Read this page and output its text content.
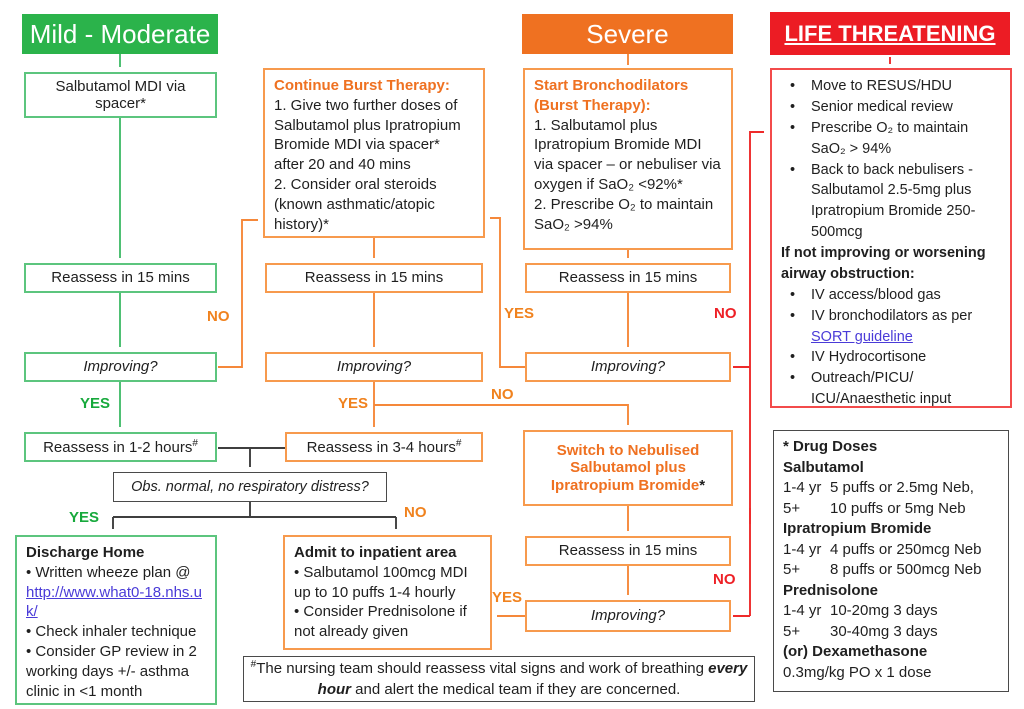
Mild - Moderate	Severe	LIFE THREATENING
Salbutamol MDI via spacer*
Reassess in 15 mins
Improving?
Reassess in 1-2 hours#
Discharge Home
• Written wheeze plan @
http://www.what0-18.nhs.uk/
• Check inhaler technique
• Consider GP review in 2 working days +/- asthma clinic in <1 month
Continue Burst Therapy:
1. Give two further doses of Salbutamol plus Ipratropium Bromide MDI via spacer* after 20 and 40 mins
2. Consider oral steroids (known asthmatic/atopic history)*
Reassess in 15 mins
Improving?
Reassess in 3-4 hours#
Obs. normal, no respiratory distress?
Admit to inpatient area
• Salbutamol 100mcg MDI up to 10 puffs 1-4 hourly
• Consider Prednisolone if not already given
#The nursing team should reassess vital signs and work of breathing every hour and alert the medical team if they are concerned.
Start Bronchodilators (Burst Therapy):
1. Salbutamol plus Ipratropium Bromide MDI via spacer – or nebuliser via oxygen if SaO₂ <92%*
2. Prescribe O₂ to maintain SaO₂ >94%
Reassess in 15 mins
Improving?
Switch to Nebulised Salbutamol plus Ipratropium Bromide*
Reassess in 15 mins
Improving?
• Move to RESUS/HDU
• Senior medical review
• Prescribe O₂ to maintain SaO₂ > 94%
• Back to back nebulisers - Salbutamol 2.5-5mg plus Ipratropium Bromide 250-500mcg
If not improving or worsening airway obstruction:
• IV access/blood gas
• IV bronchodilators as per
SORT guideline
• IV Hydrocortisone
• Outreach/PICU/ ICU/Anaesthetic input
* Drug Doses
Salbutamol
1-4 yr 5 puffs or 2.5mg Neb,
5+ 10 puffs or 5mg Neb
Ipratropium Bromide
1-4 yr 4 puffs or 250mcg Neb
5+ 8 puffs or 500mcg Neb
Prednisolone
1-4 yr 10-20mg 3 days
5+ 30-40mg 3 days
(or) Dexamethasone
0.3mg/kg PO x 1 dose
NO
YES	YES
NO
YES	NO
YES	NO
YES
NO
